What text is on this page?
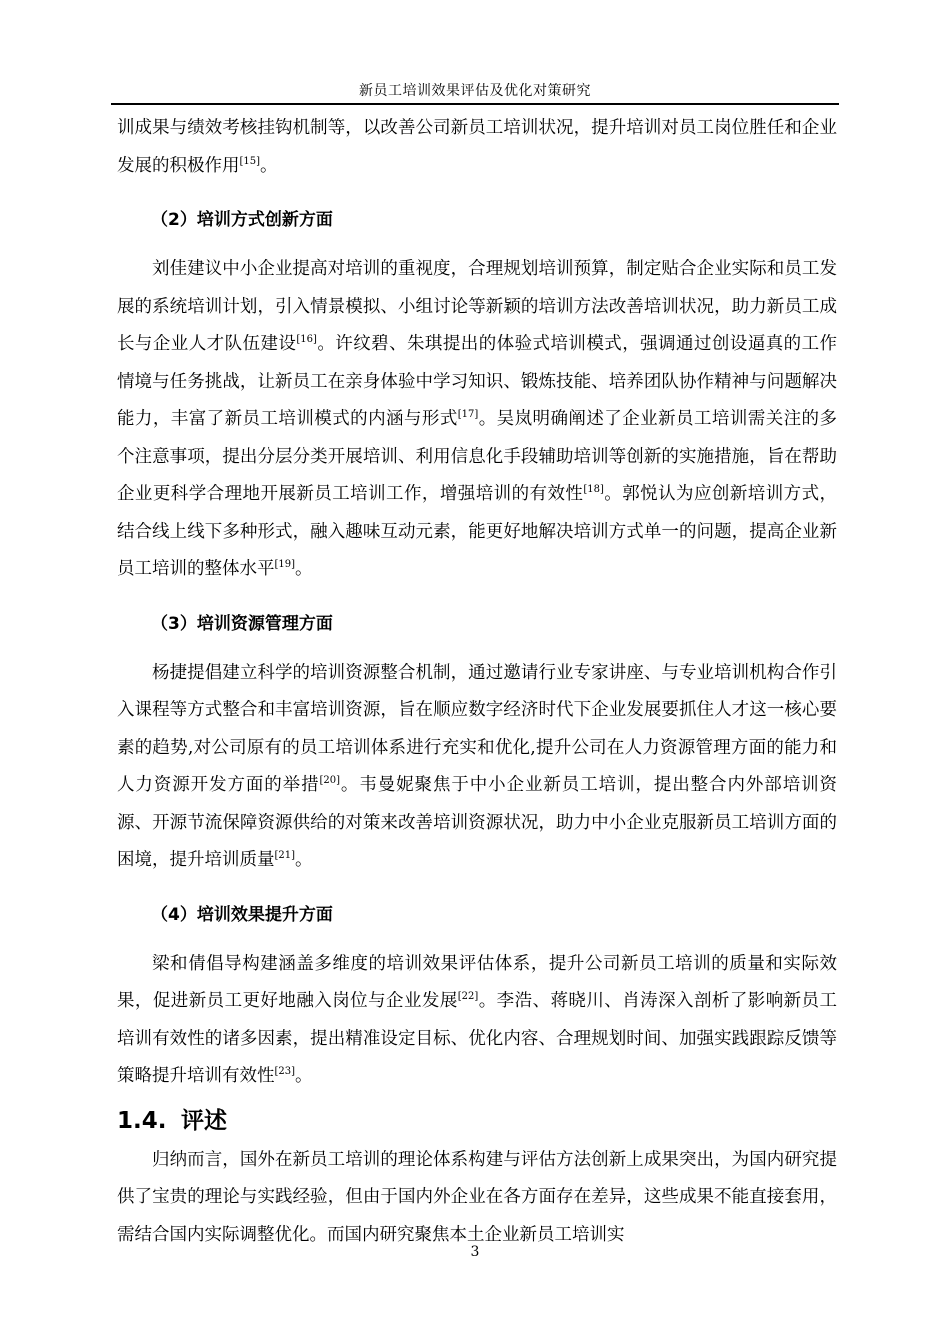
新员工培训效果评估及优化对策研究

训成果与绩效考核挂钩机制等，以改善公司新员工培训状况，提升培训对员工岗位胜任和企业发展的积极作用[15]。

（2）培训方式创新方面

刘佳建议中小企业提高对培训的重视度，合理规划培训预算，制定贴合企业实际和员工发展的系统培训计划，引入情景模拟、小组讨论等新颖的培训方法改善培训状况，助力新员工成长与企业人才队伍建设[16]。许纹碧、朱琪提出的体验式培训模式，强调通过创设逼真的工作情境与任务挑战，让新员工在亲身体验中学习知识、锻炼技能、培养团队协作精神与问题解决能力，丰富了新员工培训模式的内涵与形式[17]。吴岚明确阐述了企业新员工培训需关注的多个注意事项，提出分层分类开展培训、利用信息化手段辅助培训等创新的实施措施，旨在帮助企业更科学合理地开展新员工培训工作，增强培训的有效性[18]。郭悦认为应创新培训方式，结合线上线下多种形式，融入趣味互动元素，能更好地解决培训方式单一的问题，提高企业新员工培训的整体水平[19]。

（3）培训资源管理方面

杨捷提倡建立科学的培训资源整合机制，通过邀请行业专家讲座、与专业培训机构合作引入课程等方式整合和丰富培训资源，旨在顺应数字经济时代下企业发展要抓住人才这一核心要素的趋势,对公司原有的员工培训体系进行充实和优化,提升公司在人力资源管理方面的能力和人力资源开发方面的举措[20]。韦曼妮聚焦于中小企业新员工培训，提出整合内外部培训资源、开源节流保障资源供给的对策来改善培训资源状况，助力中小企业克服新员工培训方面的困境，提升培训质量[21]。

（4）培训效果提升方面

梁和倩倡导构建涵盖多维度的培训效果评估体系，提升公司新员工培训的质量和实际效果，促进新员工更好地融入岗位与企业发展[22]。李浩、蒋晓川、肖涛深入剖析了影响新员工培训有效性的诸多因素，提出精准设定目标、优化内容、合理规划时间、加强实践跟踪反馈等策略提升培训有效性[23]。

1.4. 评述

归纳而言，国外在新员工培训的理论体系构建与评估方法创新上成果突出，为国内研究提供了宝贵的理论与实践经验，但由于国内外企业在各方面存在差异，这些成果不能直接套用，需结合国内实际调整优化。而国内研究聚焦本土企业新员工培训实

3
